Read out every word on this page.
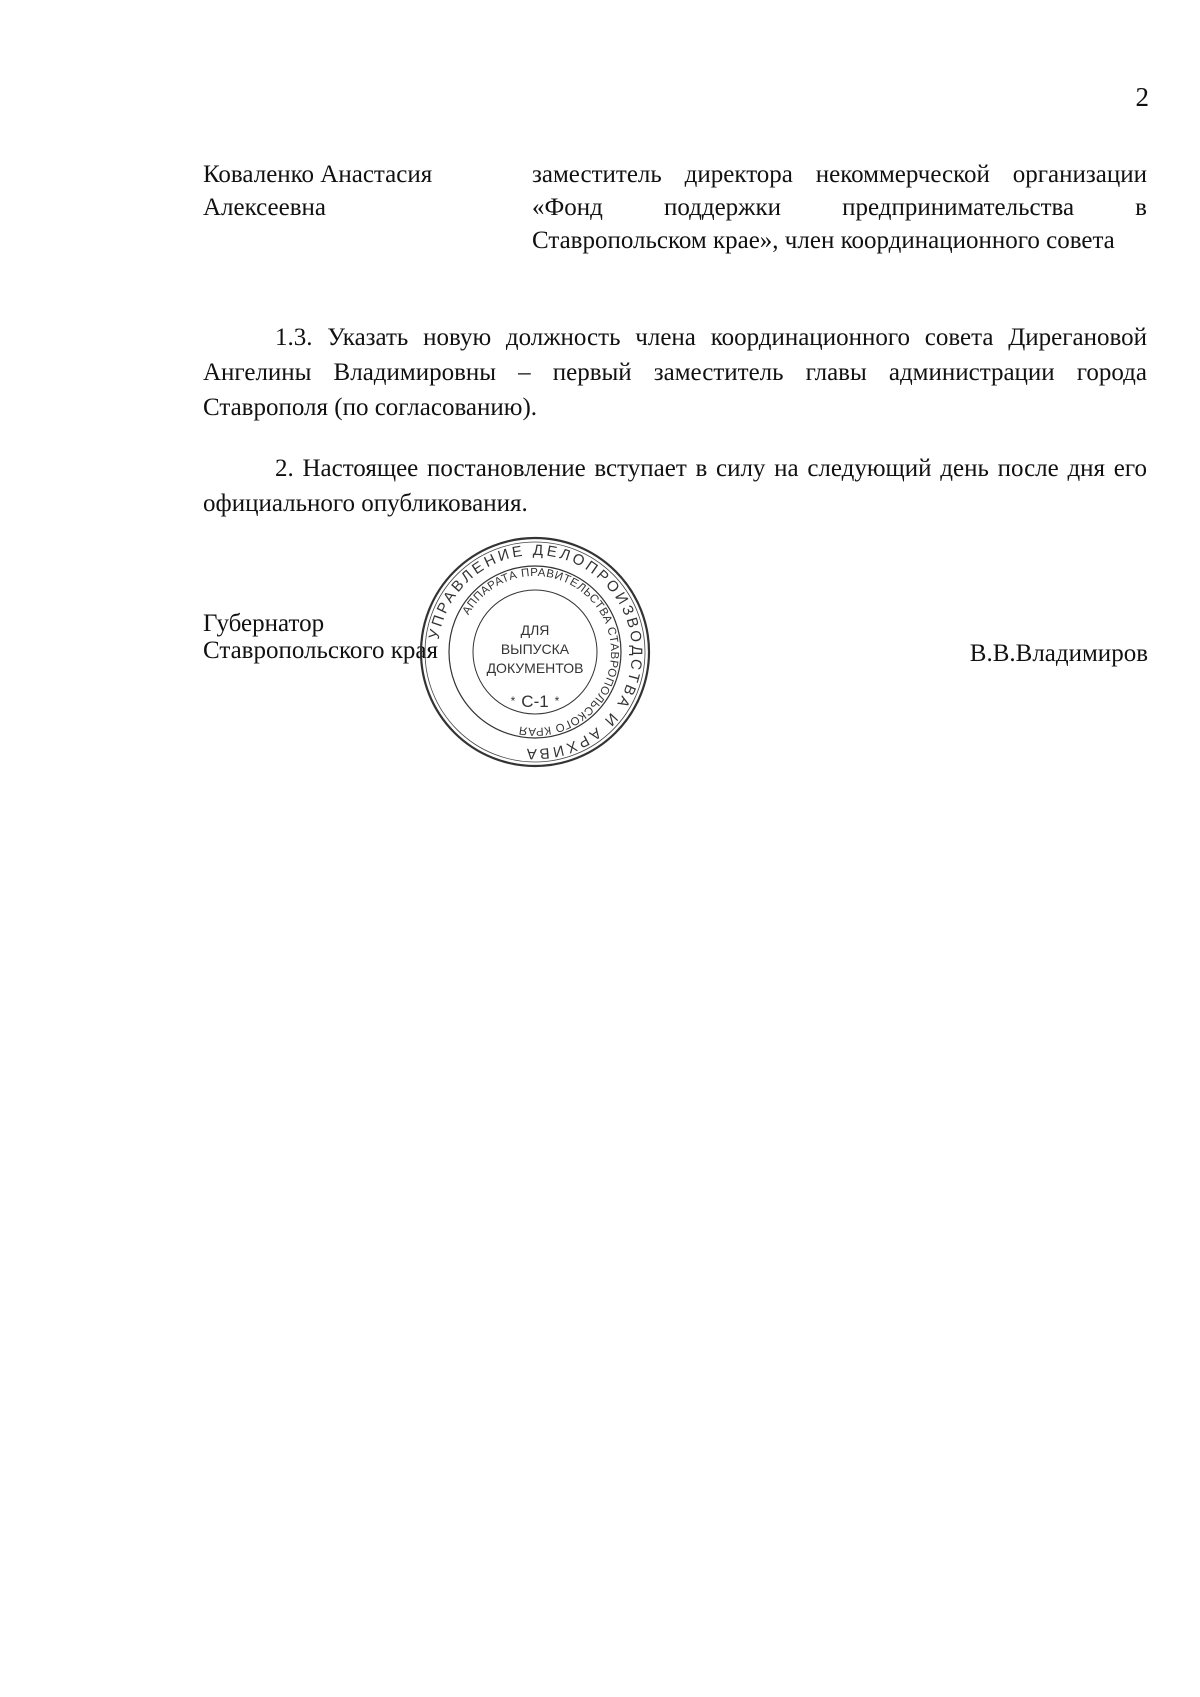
2
Коваленко Анастасия
Алексеевна
заместитель директора некоммерческой организации «Фонд поддержки предпринимательства в Ставропольском крае», член координационного совета
1.3. Указать новую должность члена координационного совета Дирегановой Ангелины Владимировны – первый заместитель главы администрации города Ставрополя (по согласованию).
2. Настоящее постановление вступает в силу на следующий день после дня его официального опубликования.
Губернатор
Ставропольского края	В.В.Владимиров
УПРАВЛЕНИЕ ДЕЛОПРОИЗВОДСТВА И АРХИВА
АППАРАТА ПРАВИТЕЛЬСТВА СТАВРОПОЛЬСКОГО КРАЯ
ДЛЯ
ВЫПУСКА
ДОКУМЕНТОВ
С-1
*	*
